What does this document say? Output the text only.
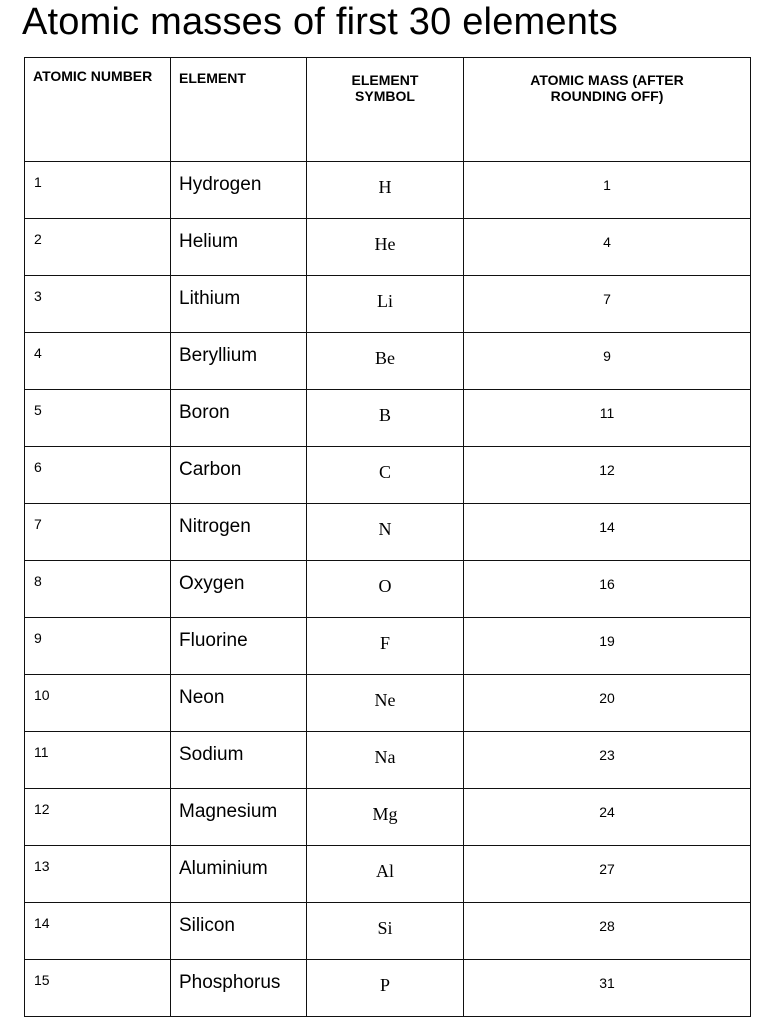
Atomic masses of first 30 elements
ATOMIC NUMBER	ELEMENT	ELEMENT SYMBOL	ATOMIC MASS (AFTER ROUNDING OFF)

1	Hydrogen	H	1

2	Helium	He	4

3	Lithium	Li	7

4	Beryllium	Be	9

5	Boron	B	11

6	Carbon	C	12

7	Nitrogen	N	14

8	Oxygen	O	16

9	Fluorine	F	19

10	Neon	Ne	20

11	Sodium	Na	23

12	Magnesium	Mg	24

13	Aluminium	Al	27

14	Silicon	Si	28

15	Phosphorus	P	31
